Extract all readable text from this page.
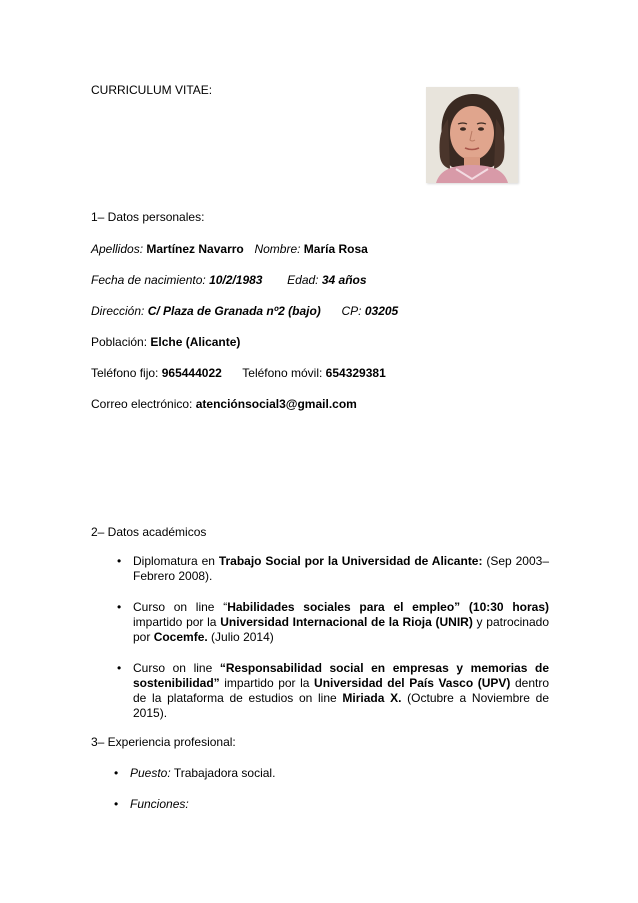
CURRICULUM VITAE:
1– Datos personales:
Apellidos: Martínez Navarro Nombre: María Rosa
Fecha de nacimiento: 10/2/1983 Edad: 34 años
Dirección: C/ Plaza de Granada nº2 (bajo) CP: 03205
Población: Elche (Alicante)
Teléfono fijo: 965444022 Teléfono móvil: 654329381
Correo electrónico: atenciónsocial3@gmail.com
2– Datos académicos
• Diplomatura en Trabajo Social por la Universidad de Alicante: (Sep 2003– Febrero 2008).
• Curso on line “Habilidades sociales para el empleo” (10:30 horas) impartido por la Universidad Internacional de la Rioja (UNIR) y patrocinado por Cocemfe. (Julio 2014)
• Curso on line “Responsabilidad social en empresas y memorias de sostenibilidad” impartido por la Universidad del País Vasco (UPV) dentro de la plataforma de estudios on line Miriada X. (Octubre a Noviembre de 2015).
3– Experiencia profesional:
• Puesto: Trabajadora social.
• Funciones:
